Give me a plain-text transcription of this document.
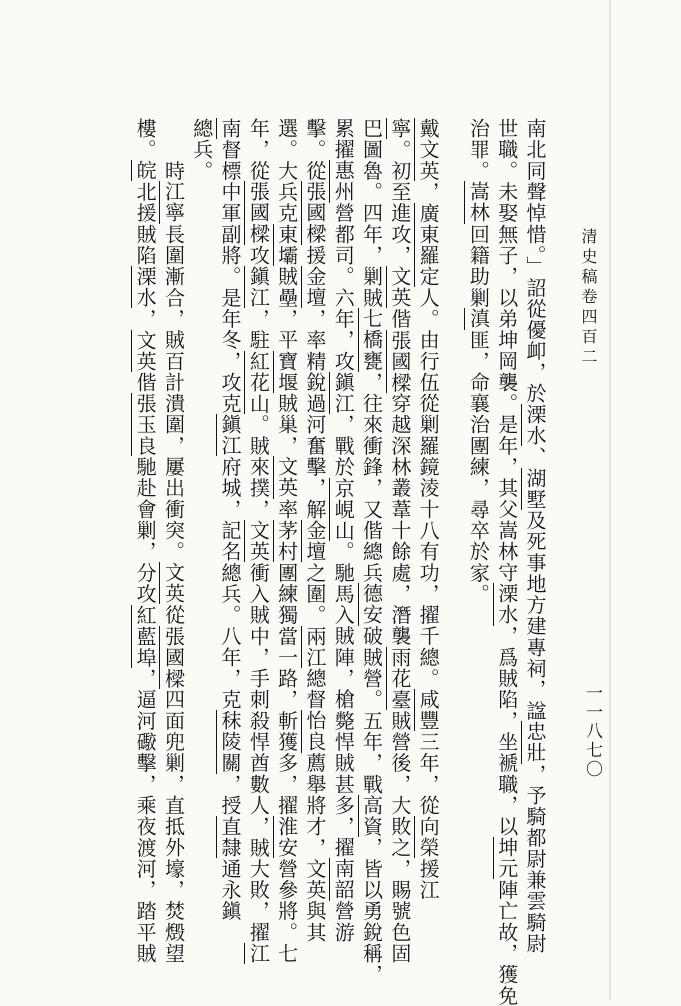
清史稿卷四百二
一一八七〇
南北同聲悼惜。」詔從優卹，於溧水、湖墅及死事地方建專祠，諡忠壯，予騎都尉兼雲騎尉
世職。未娶無子，以弟坤岡襲。是年，其父嵩林守溧水，爲賊陷，坐褫職，以坤元陣亡故，獲免
治罪。嵩林回籍助剿滇匪，命襄治團練，尋卒於家。
戴文英，廣東羅定人。由行伍從剿羅鏡淩十八有功，擢千總。咸豐三年，從向榮援江
寧。初至進攻，文英偕張國樑穿越深林叢葦十餘處，潛襲雨花臺賊營後，大敗之，賜號色固
巴圖魯。四年，剿賊七橋甕，往來衝鋒，又偕總兵德安破賊營。五年，戰高資，皆以勇銳稱，
累擢惠州營都司。六年，攻鎭江，戰於京峴山。馳馬入賊陣，槍斃悍賊甚多，擢南韶營游
擊。從張國樑援金壇，率精銳過河奮擊，解金壇之圍。兩江總督怡良薦舉將才，文英與其
選。大兵克東壩賊壘，平寶堰賊巢，文英率茅村團練獨當一路，斬獲多，擢淮安營參將。七
年，從張國樑攻鎭江，駐紅花山。賊來撲，文英衝入賊中，手刺殺悍酋數人，賊大敗，擢江
南督標中軍副將。是年冬，攻克鎭江府城，記名總兵。八年，克秣陵關，授直隸通永鎭
總兵。
　　時江寧長圍漸合，賊百計潰圍，屢出衝突。文英從張國樑四面兜剿，直抵外壕，焚燬望
樓。皖北援賊陷溧水，文英偕張玉良馳赴會剿，分攻紅藍埠，逼河礮擊，乘夜渡河，踏平賊
